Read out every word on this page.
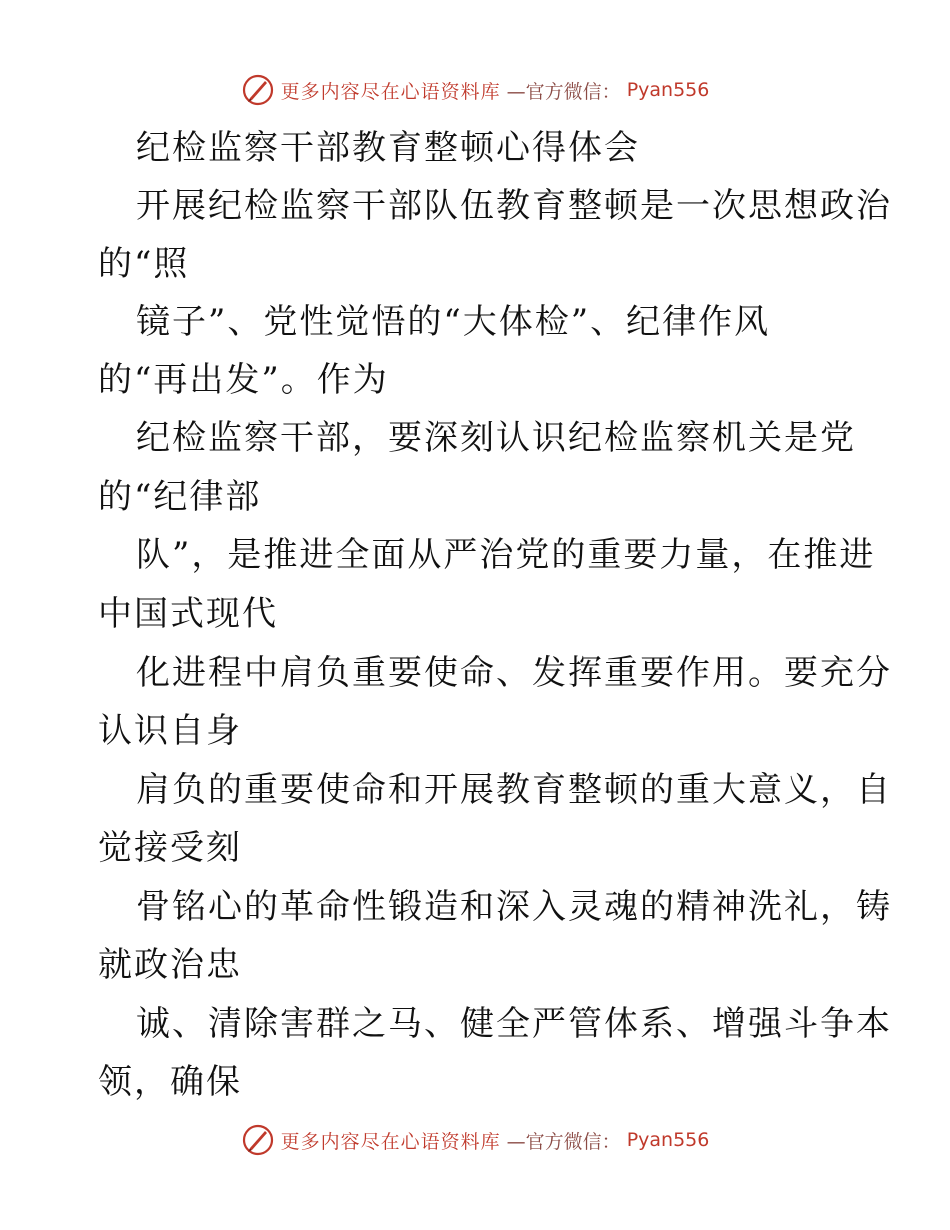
更多内容尽在心语资料库 —官方微信： Pyan556
纪检监察干部教育整顿心得体会
开展纪检监察干部队伍教育整顿是一次思想政治
的“照
镜子”、党性觉悟的“大体检”、纪律作风
的“再出发”。作为
纪检监察干部，要深刻认识纪检监察机关是党
的“纪律部
队”，是推进全面从严治党的重要力量，在推进
中国式现代
化进程中肩负重要使命、发挥重要作用。要充分
认识自身
肩负的重要使命和开展教育整顿的重大意义，自
觉接受刻
骨铭心的革命性锻造和深入灵魂的精神洗礼，铸
就政治忠
诚、清除害群之马、健全严管体系、增强斗争本
领，确保
更多内容尽在心语资料库 —官方微信： Pyan556
